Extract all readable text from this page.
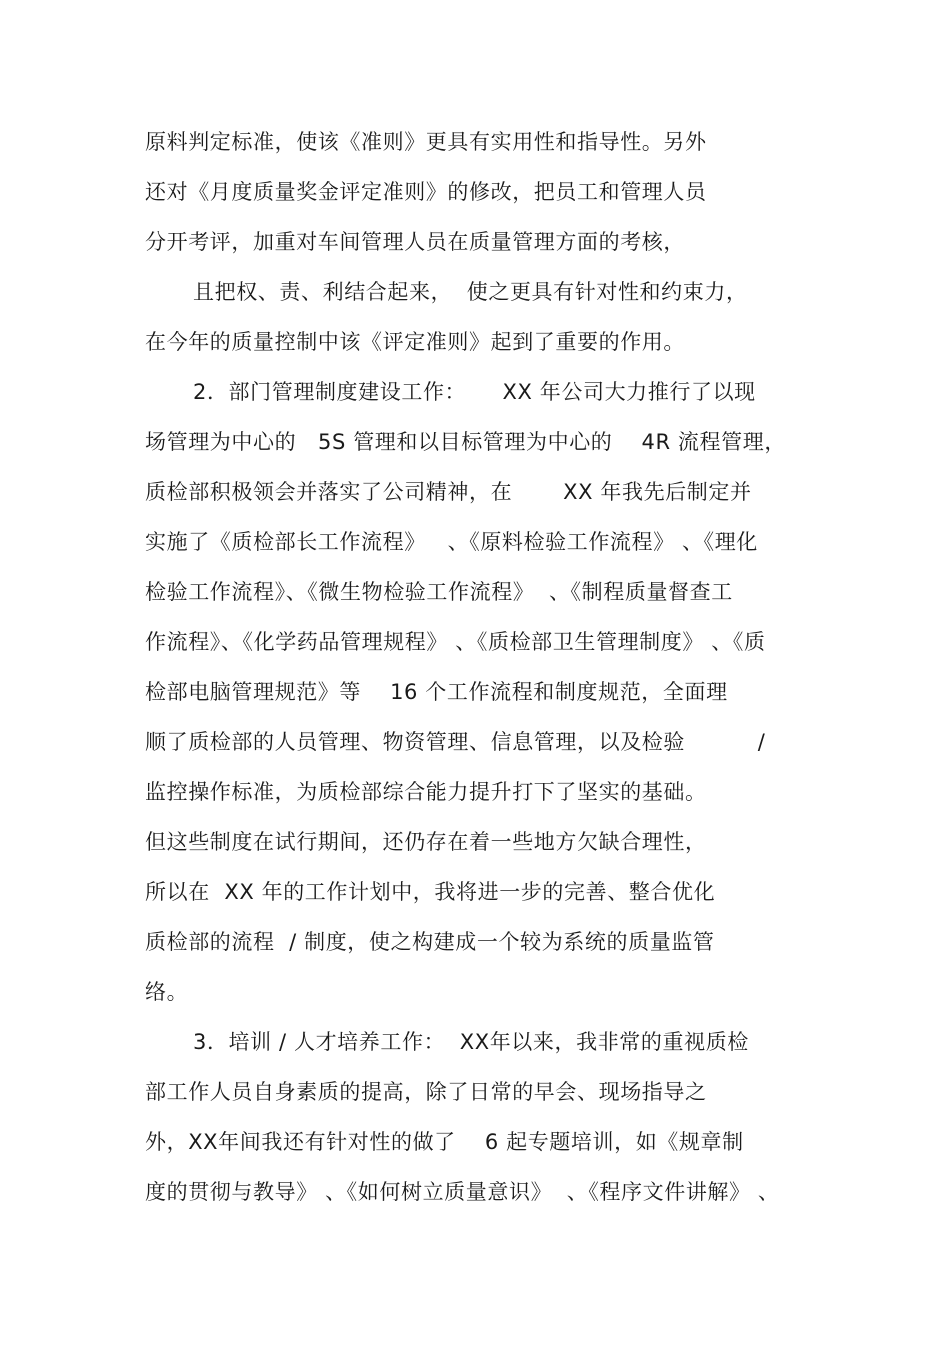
原料判定标准，使该《准则》更具有实用性和指导性。另外
还对《月度质量奖金评定准则》的修改，把员工和管理人员
分开考评，加重对车间管理人员在质量管理方面的考核，
且把权、责、利结合起来，  使之更具有针对性和约束力，
在今年的质量控制中该《评定准则》起到了重要的作用。
2．部门管理制度建设工作：     XX 年公司大力推行了以现
场管理为中心的   5S 管理和以目标管理为中心的    4R 流程管理，
质检部积极领会并落实了公司精神，在       XX 年我先后制定并
实施了《质检部长工作流程》   、《原料检验工作流程》 、《理化
检验工作流程》、《微生物检验工作流程》  、《制程质量督查工
作流程》、《化学药品管理规程》 、《质检部卫生管理制度》 、《质
检部电脑管理规范》等    16 个工作流程和制度规范，全面理
顺了质检部的人员管理、物资管理、信息管理，以及检验          /
监控操作标准，为质检部综合能力提升打下了坚实的基础。
但这些制度在试行期间，还仍存在着一些地方欠缺合理性，
所以在  XX 年的工作计划中，我将进一步的完善、整合优化
质检部的流程  / 制度，使之构建成一个较为系统的质量监管
络。
3．培训 / 人才培养工作：  XX年以来，我非常的重视质检
部工作人员自身素质的提高，除了日常的早会、现场指导之
外，XX年间我还有针对性的做了    6 起专题培训，如《规章制
度的贯彻与教导》 、《如何树立质量意识》  、《程序文件讲解》 、
